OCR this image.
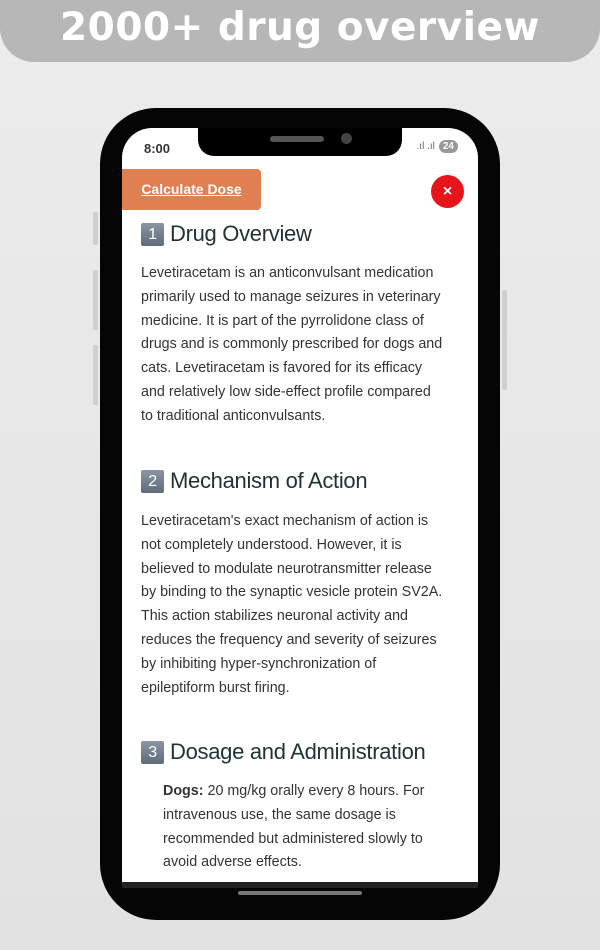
2000+ drug overview
8:00	.ıl .ıl 24
Calculate Dose	×
1 Drug Overview
Levetiracetam is an anticonvulsant medication
primarily used to manage seizures in veterinary
medicine. It is part of the pyrrolidone class of
drugs and is commonly prescribed for dogs and
cats. Levetiracetam is favored for its efficacy
and relatively low side-effect profile compared
to traditional anticonvulsants.
2 Mechanism of Action
Levetiracetam's exact mechanism of action is
not completely understood. However, it is
believed to modulate neurotransmitter release
by binding to the synaptic vesicle protein SV2A.
This action stabilizes neuronal activity and
reduces the frequency and severity of seizures
by inhibiting hyper-synchronization of
epileptiform burst firing.
3 Dosage and Administration
Dogs: 20 mg/kg orally every 8 hours. For
intravenous use, the same dosage is
recommended but administered slowly to
avoid adverse effects.
